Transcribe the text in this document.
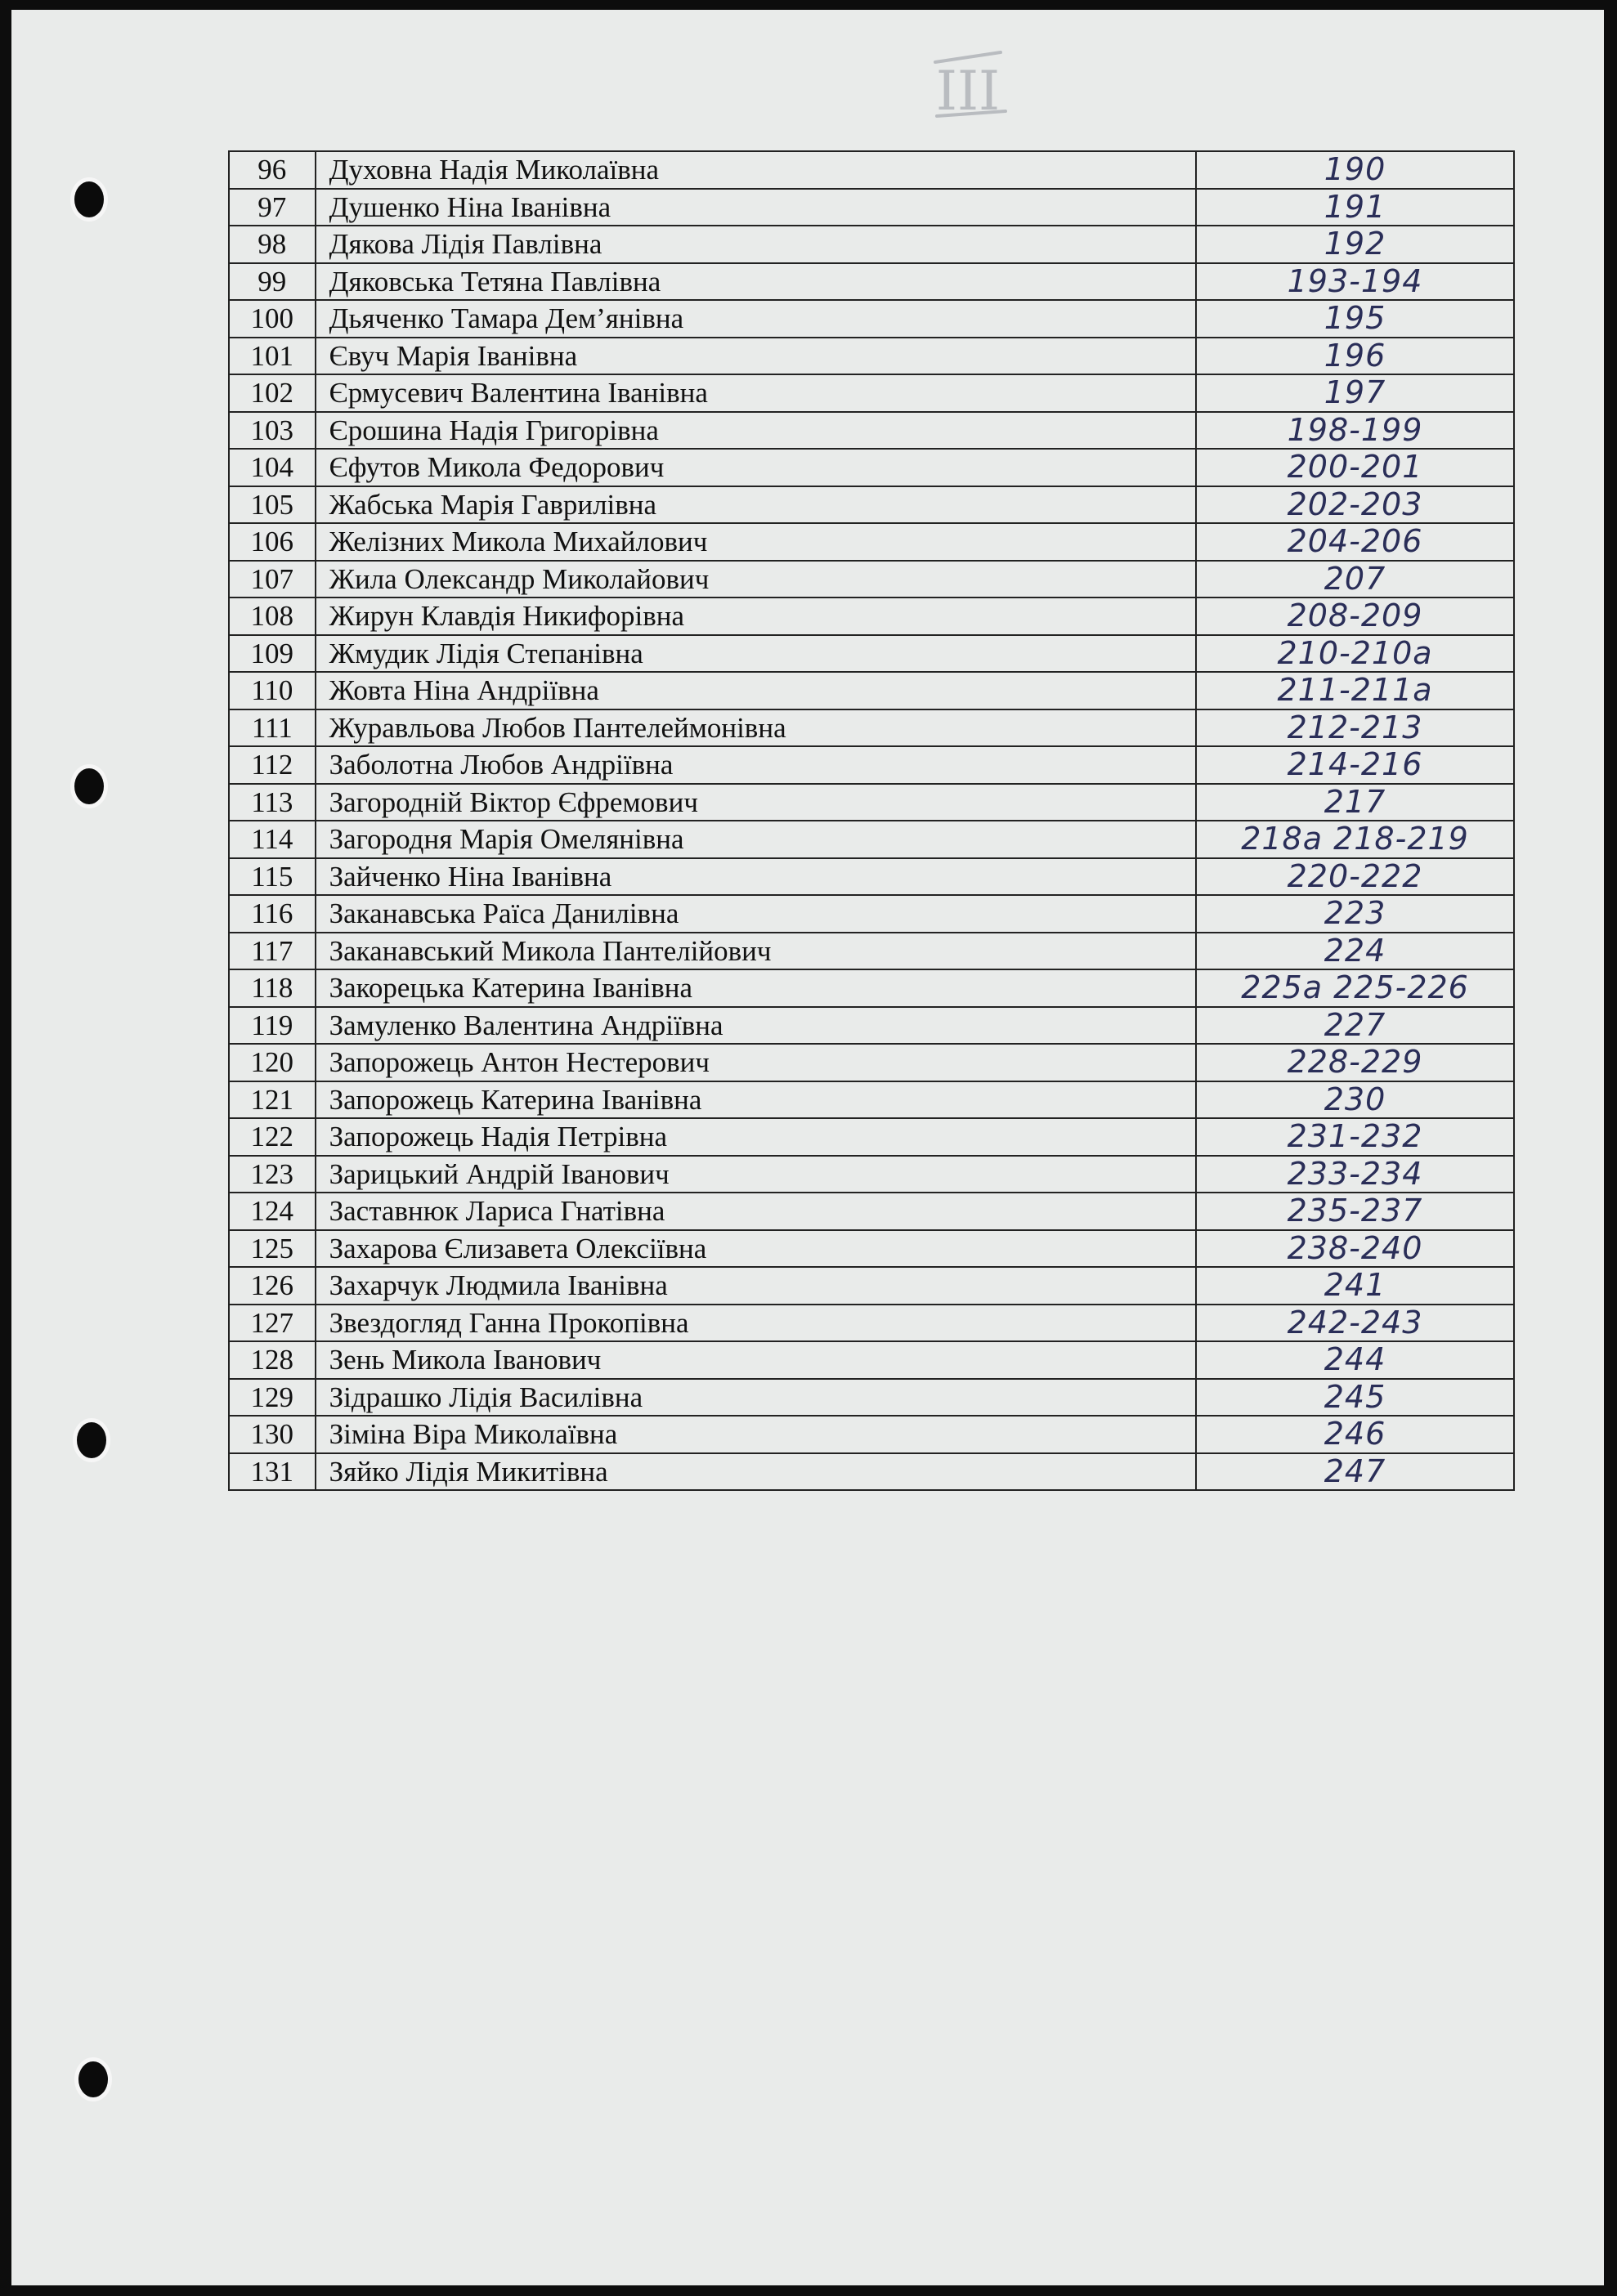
III
96	Духовна Надія Миколаївна	190
97	Душенко Ніна Іванівна	191
98	Дякова Лідія Павлівна	192
99	Дяковська Тетяна Павлівна	193-194
100	Дьяченко Тамара Дем’янівна	195
101	Євуч Марія Іванівна	196
102	Єрмусевич Валентина Іванівна	197
103	Єрошина Надія Григорівна	198-199
104	Єфутов Микола Федорович	200-201
105	Жабська Марія Гаврилівна	202-203
106	Желізних Микола Михайлович	204-206
107	Жила Олександр Миколайович	207
108	Жирун Клавдія Никифорівна	208-209
109	Жмудик Лідія Степанівна	210-210a
110	Жовта Ніна Андріївна	211-211a
111	Журавльова Любов Пантелеймонівна	212-213
112	Заболотна Любов Андріївна	214-216
113	Загородній Віктор Єфремович	217
114	Загородня Марія Омелянівна	218a 218-219
115	Зайченко Ніна Іванівна	220-222
116	Заканавська Раїса Данилівна	223
117	Заканавський Микола Пантелійович	224
118	Закорецька Катерина Іванівна	225a 225-226
119	Замуленко Валентина Андріївна	227
120	Запорожець Антон Нестерович	228-229
121	Запорожець Катерина Іванівна	230
122	Запорожець Надія Петрівна	231-232
123	Зарицький Андрій Іванович	233-234
124	Заставнюк Лариса Гнатівна	235-237
125	Захарова Єлизавета Олексіївна	238-240
126	Захарчук Людмила Іванівна	241
127	Звездогляд Ганна Прокопівна	242-243
128	Зень Микола Іванович	244
129	Зідрашко Лідія Василівна	245
130	Зіміна Віра Миколаївна	246
131	Зяйко Лідія Микитівна	247
